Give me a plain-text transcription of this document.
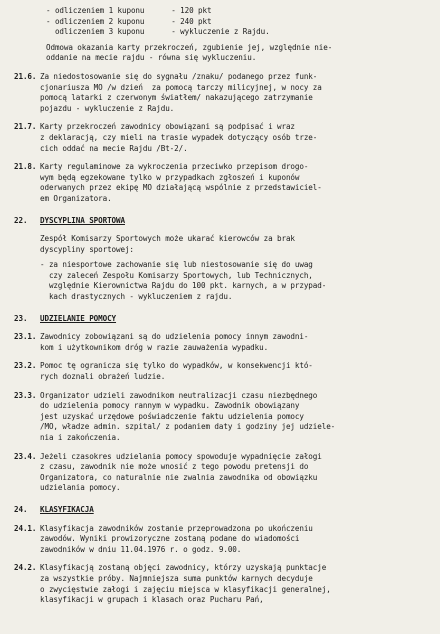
- odliczeniem 1 kuponu      - 120 pkt
- odliczeniem 2 kuponu      - 240 pkt
odliczeniem 3 kuponu      - wykluczenie z Rajdu.
Odmowa okazania karty przekroczeń, zgubienie jej, względnie nie-
oddanie na mecie rajdu - równa się wykluczeniu.
21.6. Za niedostosowanie się do sygnału /znaku/ podanego przez funk-
cjonariusza MO /w dzień  za pomocą tarczy milicyjnej, w nocy za
pomocą latarki z czerwonym światłem/ nakazującego zatrzymanie
pojazdu - wykluczenie z Rajdu.
21.7. Karty przekroczeń zawodnicy obowiązani są podpisać i wraz
z deklaracją, czy mieli na trasie wypadek dotyczący osób trze-
cich oddać na mecie Rajdu /Bt-2/.
21.8. Karty regulaminowe za wykroczenia przeciwko przepisom drogo-
wym będą egzekowane tylko w przypadkach zgłoszeń i kuponów
oderwanych przez ekipę MO działającą wspólnie z przedstawiciel-
em Organizatora.
22.	DYSCYPLINA SPORTOWA
Zespół Komisarzy Sportowych może ukarać kierowców za brak
dyscypliny sportowej:
- za niesportowe zachowanie się lub niestosowanie się do uwag
czy zaleceń Zespołu Komisarzy Sportowych, lub Technicznych,
względnie Kierownictwa Rajdu do 100 pkt. karnych, a w przypad-
kach drastycznych - wykluczeniem z rajdu.
23.	UDZIELANIE POMOCY
23.1. Zawodnicy zobowiązani są do udzielenia pomocy innym zawodni-
kom i użytkownikom dróg w razie zauważenia wypadku.
23.2. Pomoc tę ogranicza się tylko do wypadków, w konsekwencji któ-
rych doznali obrażeń ludzie.
23.3. Organizator udzieli zawodnikom neutralizacji czasu niezbędnego
do udzielenia pomocy rannym w wypadku. Zawodnik obowiązany
jest uzyskać urzędowe poświadczenie faktu udzielenia pomocy
/MO, władze admin. szpital/ z podaniem daty i godziny jej udziele-
nia i zakończenia.
23.4. Jeżeli czasokres udzielania pomocy spowoduje wypadnięcie załogi
z czasu, zawodnik nie może wnosić z tego powodu pretensji do
Organizatora, co naturalnie nie zwalnia zawodnika od obowiązku
udzielania pomocy.
24.	KLASYFIKACJA
24.1. Klasyfikacja zawodników zostanie przeprowadzona po ukończeniu
zawodów. Wyniki prowizoryczne zostaną podane do wiadomości
zawodników w dniu 11.04.1976 r. o godz. 9.00.
24.2. Klasyfikacją zostaną objęci zawodnicy, którzy uzyskają punktacje
za wszystkie próby. Najmniejsza suma punktów karnych decyduje
o zwycięstwie załogi i zajęciu miejsca w klasyfikacji generalnej,
klasyfikacji w grupach i klasach oraz Pucharu Pań,
